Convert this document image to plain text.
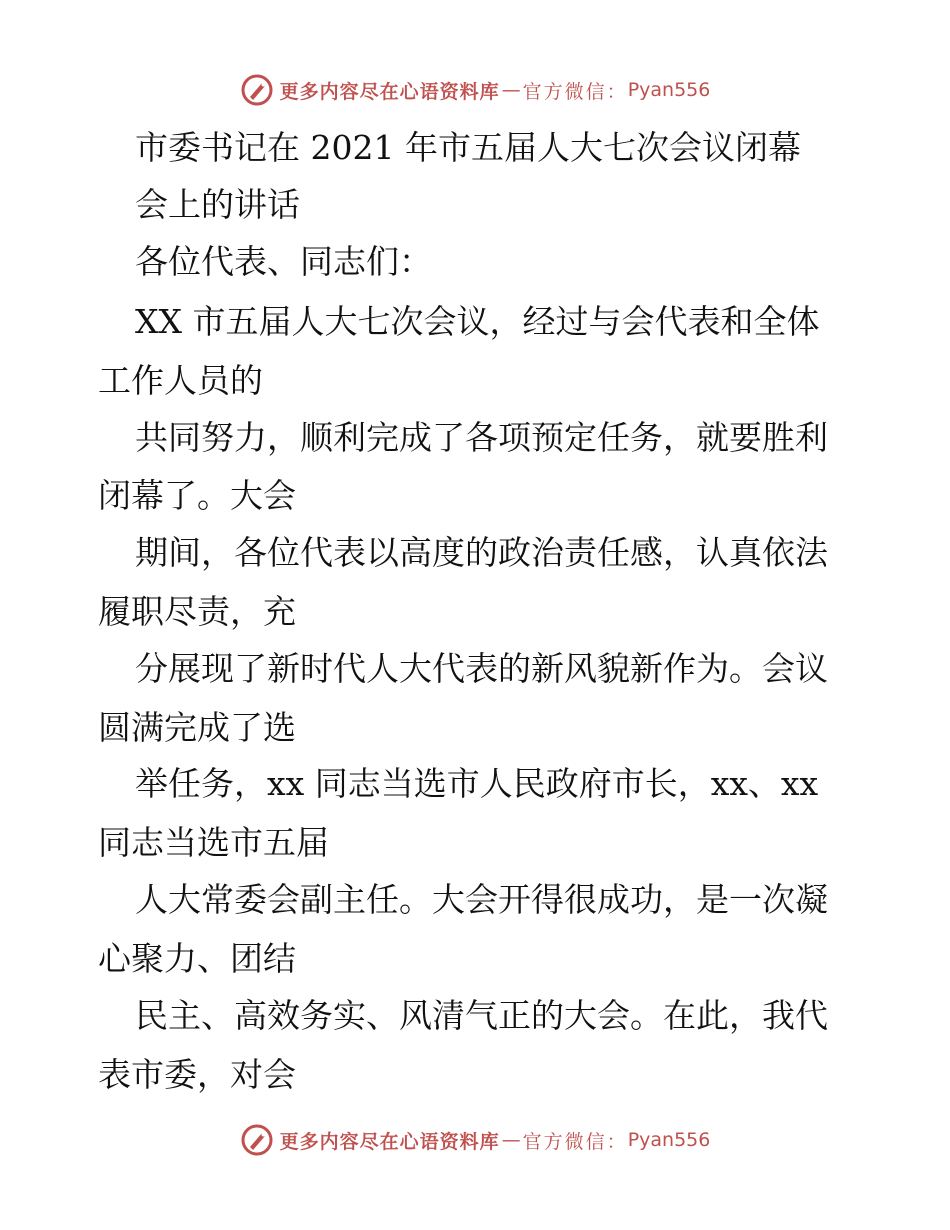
更多内容尽在心语资料库 — 官方微信： Pyan556
市委书记在 2021 年市五届人大七次会议闭幕
会上的讲话
各位代表、同志们：
XX 市五届人大七次会议，经过与会代表和全体
工作人员的
共同努力，顺利完成了各项预定任务，就要胜利
闭幕了。大会
期间，各位代表以高度的政治责任感，认真依法
履职尽责，充
分展现了新时代人大代表的新风貌新作为。会议
圆满完成了选
举任务，xx 同志当选市人民政府市长，xx、xx
同志当选市五届
人大常委会副主任。大会开得很成功，是一次凝
心聚力、团结
民主、高效务实、风清气正的大会。在此，我代
表市委，对会
更多内容尽在心语资料库 — 官方微信： Pyan556
